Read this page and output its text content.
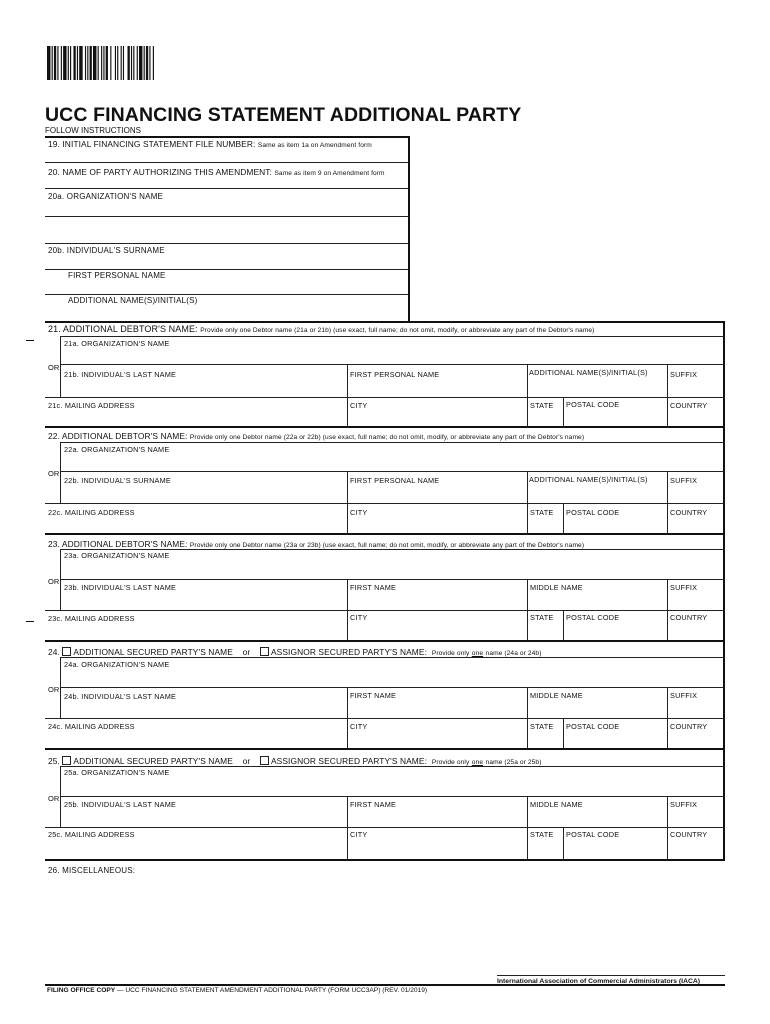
UCC FINANCING STATEMENT ADDITIONAL PARTY
FOLLOW INSTRUCTIONS
19. INITIAL FINANCING STATEMENT FILE NUMBER: Same as item 1a on Amendment form
20. NAME OF PARTY AUTHORIZING THIS AMENDMENT: Same as item 9 on Amendment form
20a. ORGANIZATION'S NAME
20b. INDIVIDUAL'S SURNAME
FIRST PERSONAL NAME
ADDITIONAL NAME(S)/INITIAL(S)
21. ADDITIONAL DEBTOR'S NAME: Provide only one Debtor name (21a or 21b) (use exact, full name; do not omit, modify, or abbreviate any part of the Debtor's name)
21a. ORGANIZATION'S NAME
OR
21b. INDIVIDUAL'S LAST NAME	FIRST PERSONAL NAME	ADDITIONAL NAME(S)/INITIAL(S)	SUFFIX
21c. MAILING ADDRESS	CITY	STATE POSTAL CODE	COUNTRY
22. ADDITIONAL DEBTOR'S NAME: Provide only one Debtor name (22a or 22b) (use exact, full name; do not omit, modify, or abbreviate any part of the Debtor's name)
22a. ORGANIZATION'S NAME
OR
22b. INDIVIDUAL'S SURNAME	FIRST PERSONAL NAME	ADDITIONAL NAME(S)/INITIAL(S)	SUFFIX
22c. MAILING ADDRESS	CITY	STATE POSTAL CODE	COUNTRY
23. ADDITIONAL DEBTOR'S NAME: Provide only one Debtor name (23a or 23b) (use exact, full name; do not omit, modify, or abbreviate any part of the Debtor's name)
23a. ORGANIZATION'S NAME
OR
23b. INDIVIDUAL'S LAST NAME	FIRST NAME	MIDDLE NAME	SUFFIX
23c. MAILING ADDRESS	CITY	STATE POSTAL CODE	COUNTRY
24. ADDITIONAL SECURED PARTY'S NAME or ASSIGNOR SECURED PARTY'S NAME: Provide only one name (24a or 24b)
24a. ORGANIZATION'S NAME
OR
24b. INDIVIDUAL'S LAST NAME	FIRST NAME	MIDDLE NAME	SUFFIX
24c. MAILING ADDRESS	CITY	STATE POSTAL CODE	COUNTRY
25. ADDITIONAL SECURED PARTY'S NAME or ASSIGNOR SECURED PARTY'S NAME: Provide only one name (25a or 25b)
25a. ORGANIZATION'S NAME
OR
25b. INDIVIDUAL'S LAST NAME	FIRST NAME	MIDDLE NAME	SUFFIX
25c. MAILING ADDRESS	CITY	STATE POSTAL CODE	COUNTRY
26. MISCELLANEOUS:
International Association of Commercial Administrators (IACA)
FILING OFFICE COPY — UCC FINANCING STATEMENT AMENDMENT ADDITIONAL PARTY (FORM UCC3AP) (REV. 01/2019)
